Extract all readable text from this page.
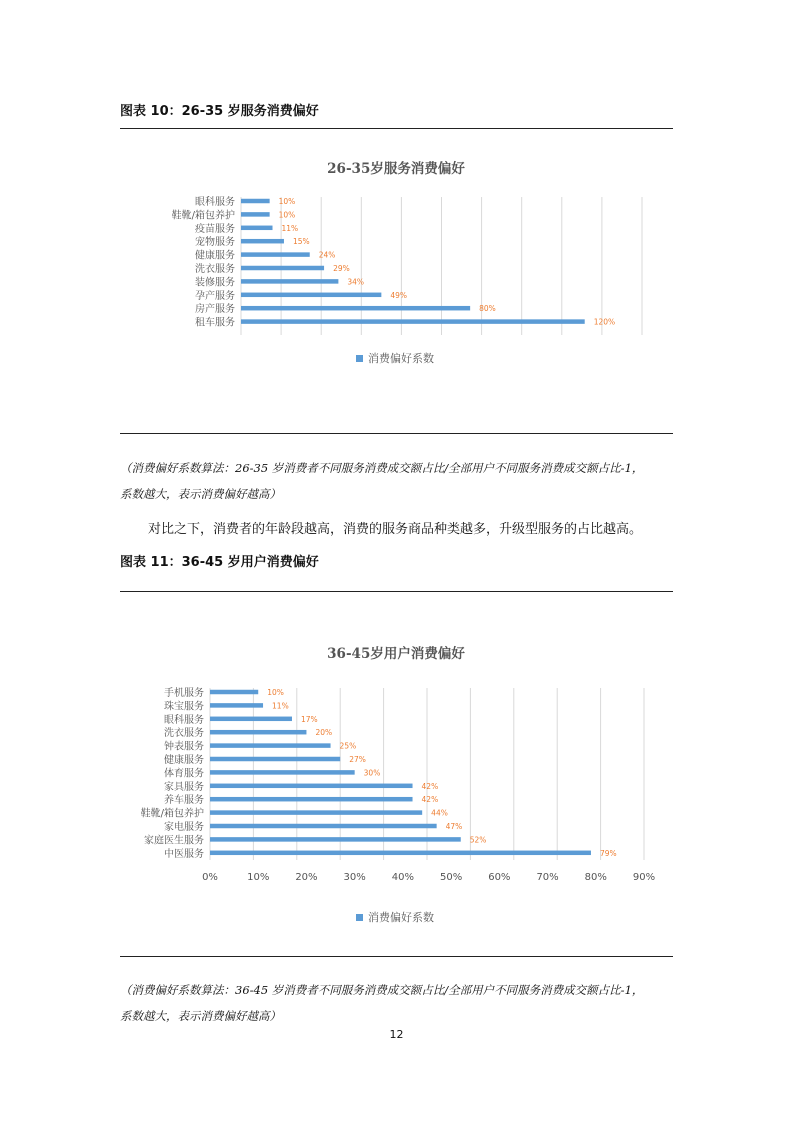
图表 10：26-35 岁服务消费偏好
26-35岁服务消费偏好
眼科服务	10%
鞋靴/箱包养护	10%
疫苗服务	11%
宠物服务	15%
健康服务	24%
洗衣服务	29%
装修服务	34%
孕产服务	49%
房产服务	80%
租车服务	120%
消费偏好系数
（消费偏好系数算法：26-35 岁消费者不同服务消费成交额占比/全部用户不同服务消费成交额占比-1，
系数越大，表示消费偏好越高）
对比之下，消费者的年龄段越高，消费的服务商品种类越多，升级型服务的占比越高。
图表 11：36-45 岁用户消费偏好
36-45岁用户消费偏好
手机服务	10%
珠宝服务	11%
眼科服务	17%
洗衣服务	20%
钟表服务	25%
健康服务	27%
体育服务	30%
家具服务	42%
养车服务	42%
鞋靴/箱包养护	44%
家电服务	47%
家庭医生服务	52%
中医服务	79%
0%	10%	20%	30%	40%	50%	60%	70%	80%	90%
消费偏好系数
（消费偏好系数算法：36-45 岁消费者不同服务消费成交额占比/全部用户不同服务消费成交额占比-1，
系数越大，表示消费偏好越高）
12
